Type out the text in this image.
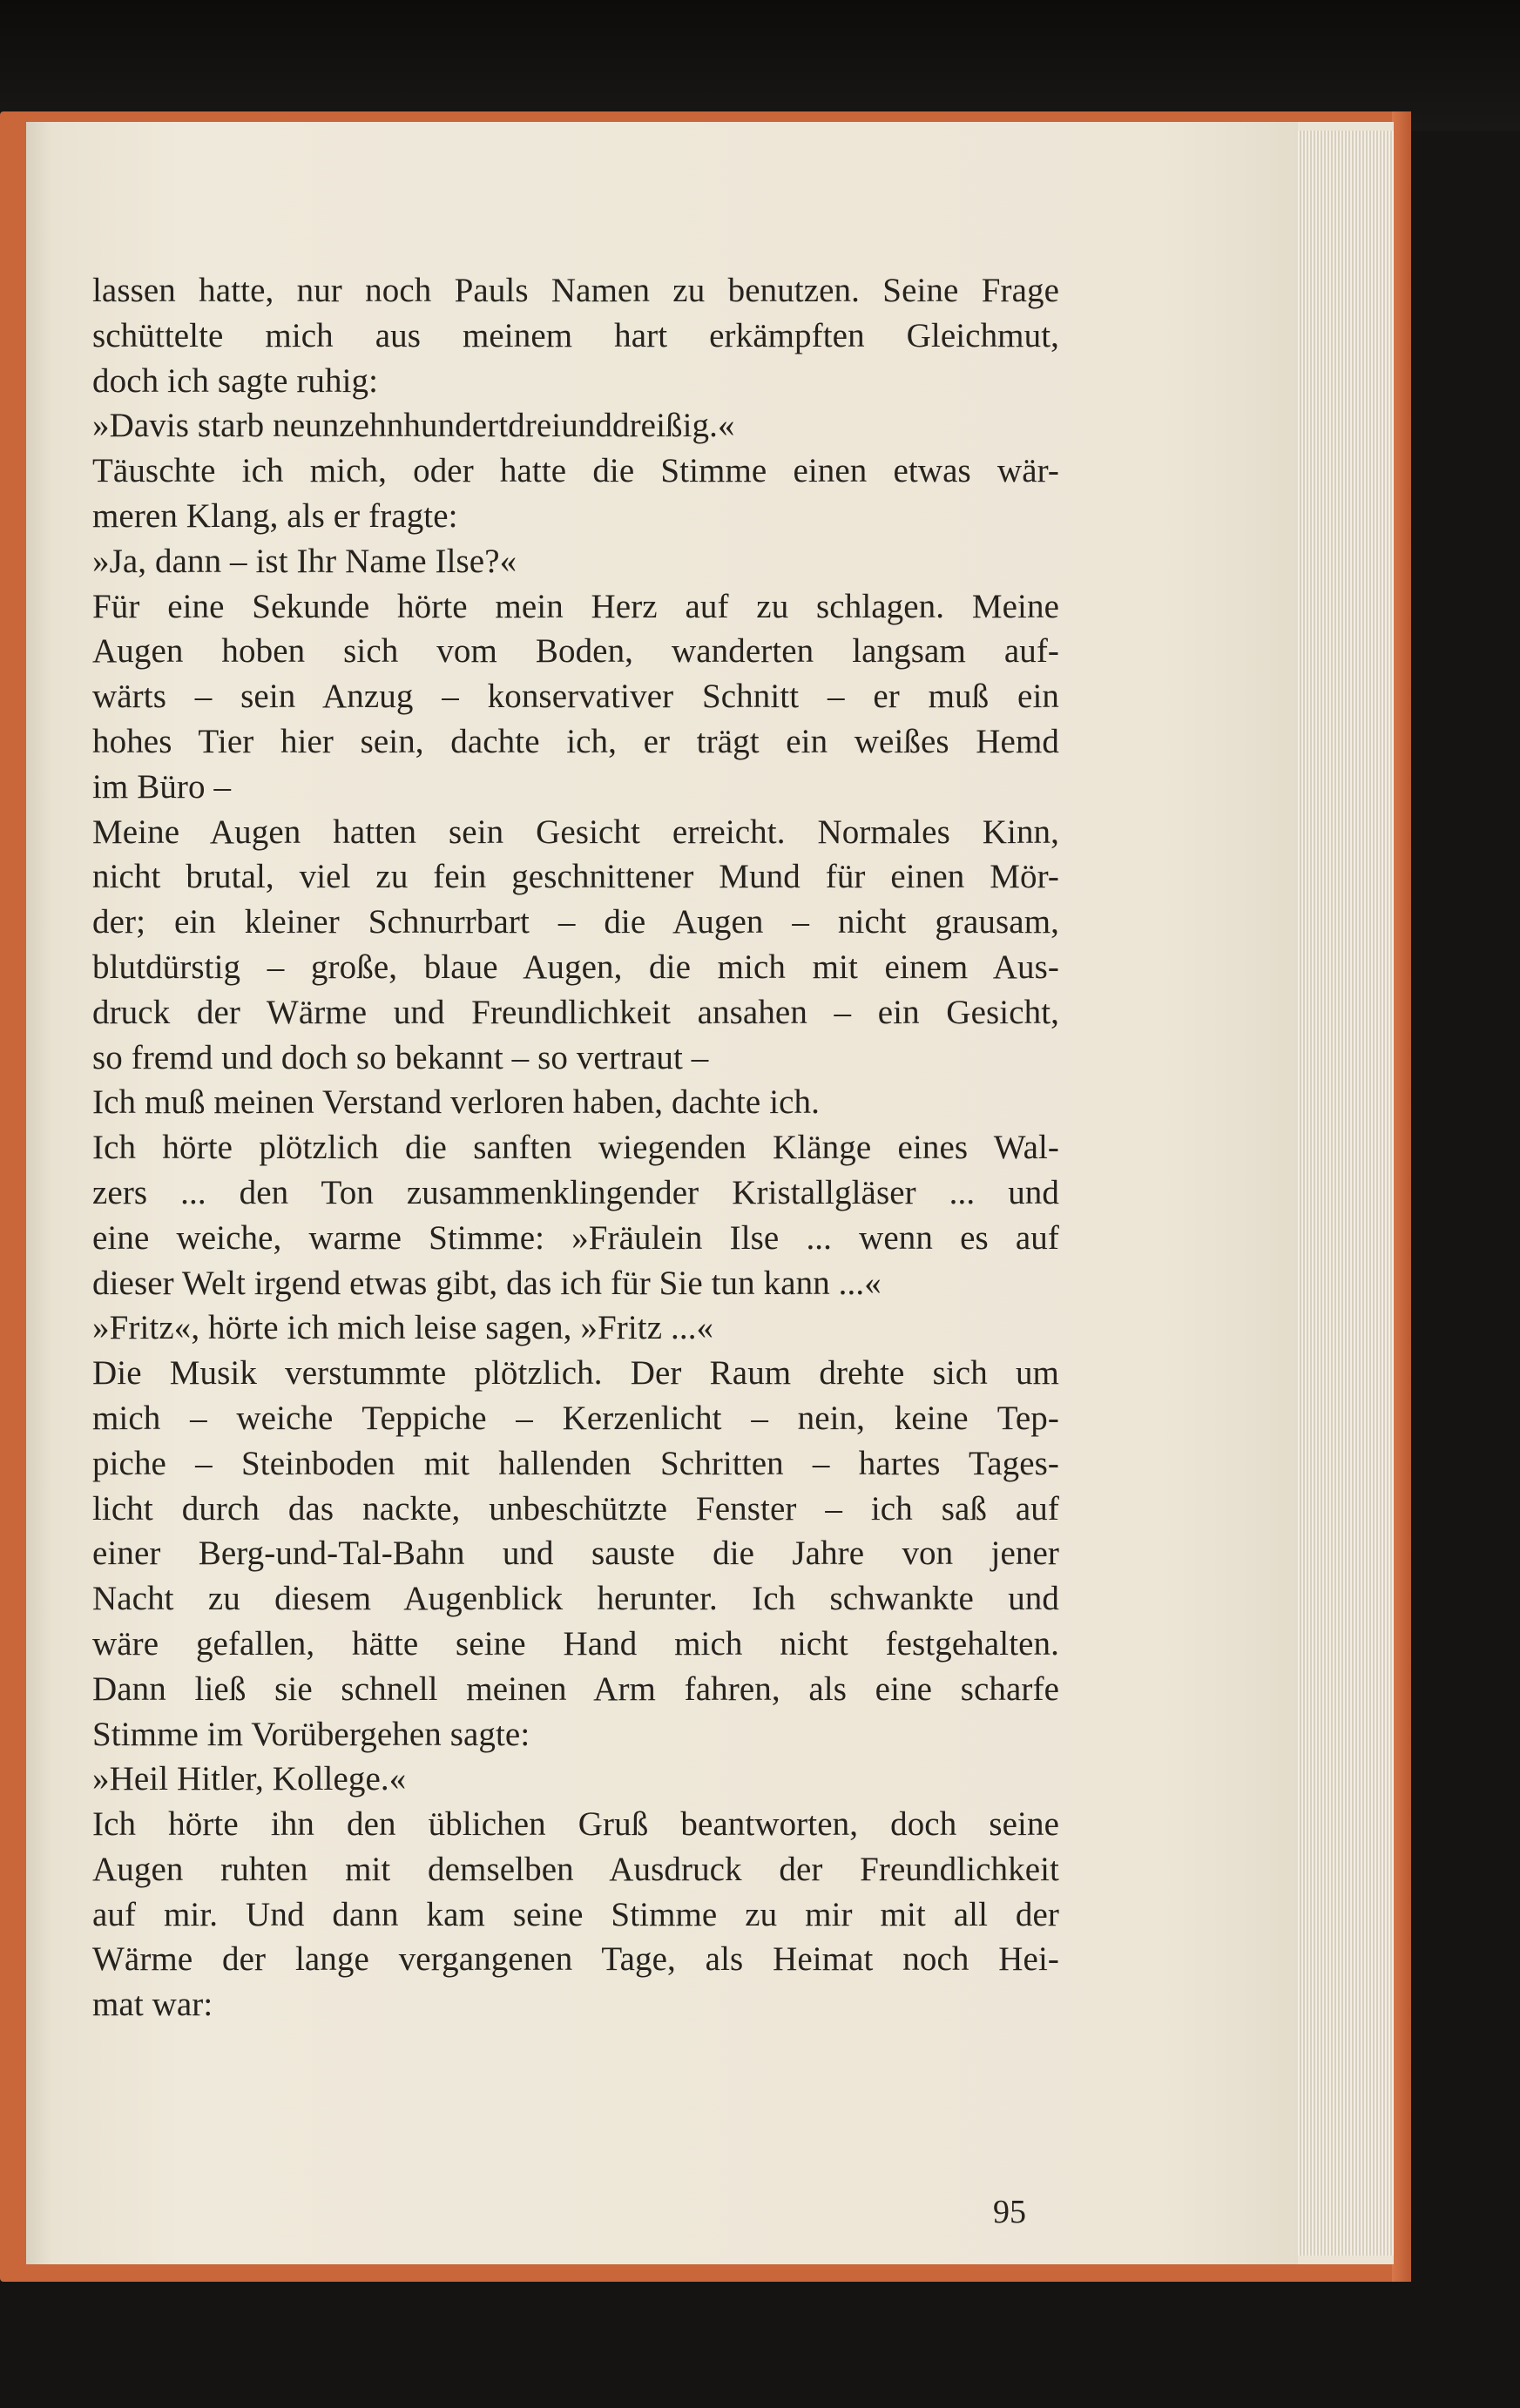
lassen hatte, nur noch Pauls Namen zu benutzen. Seine Frage
schüttelte mich aus meinem hart erkämpften Gleichmut,
doch ich sagte ruhig:
»Davis starb neunzehnhundertdreiunddreißig.«
Täuschte ich mich, oder hatte die Stimme einen etwas wär-
meren Klang, als er fragte:
»Ja, dann – ist Ihr Name Ilse?«
Für eine Sekunde hörte mein Herz auf zu schlagen. Meine
Augen hoben sich vom Boden, wanderten langsam auf-
wärts – sein Anzug – konservativer Schnitt – er muß ein
hohes Tier hier sein, dachte ich, er trägt ein weißes Hemd
im Büro –
Meine Augen hatten sein Gesicht erreicht. Normales Kinn,
nicht brutal, viel zu fein geschnittener Mund für einen Mör-
der; ein kleiner Schnurrbart – die Augen – nicht grausam,
blutdürstig – große, blaue Augen, die mich mit einem Aus-
druck der Wärme und Freundlichkeit ansahen – ein Gesicht,
so fremd und doch so bekannt – so vertraut –
Ich muß meinen Verstand verloren haben, dachte ich.
Ich hörte plötzlich die sanften wiegenden Klänge eines Wal-
zers ... den Ton zusammenklingender Kristallgläser ... und
eine weiche, warme Stimme: »Fräulein Ilse ... wenn es auf
dieser Welt irgend etwas gibt, das ich für Sie tun kann ...«
»Fritz«, hörte ich mich leise sagen, »Fritz ...«
Die Musik verstummte plötzlich. Der Raum drehte sich um
mich – weiche Teppiche – Kerzenlicht – nein, keine Tep-
piche – Steinboden mit hallenden Schritten – hartes Tages-
licht durch das nackte, unbeschützte Fenster – ich saß auf
einer Berg-und-Tal-Bahn und sauste die Jahre von jener
Nacht zu diesem Augenblick herunter. Ich schwankte und
wäre gefallen, hätte seine Hand mich nicht festgehalten.
Dann ließ sie schnell meinen Arm fahren, als eine scharfe
Stimme im Vorübergehen sagte:
»Heil Hitler, Kollege.«
Ich hörte ihn den üblichen Gruß beantworten, doch seine
Augen ruhten mit demselben Ausdruck der Freundlichkeit
auf mir. Und dann kam seine Stimme zu mir mit all der
Wärme der lange vergangenen Tage, als Heimat noch Hei-
mat war:
95
